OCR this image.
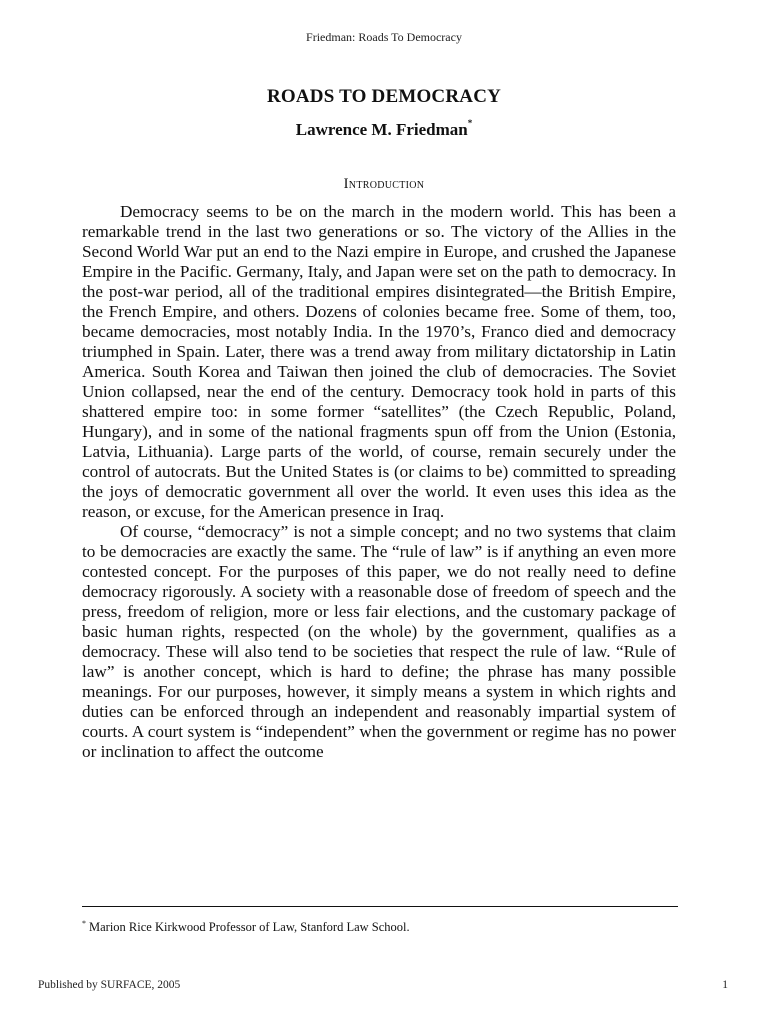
Friedman: Roads To Democracy
ROADS TO DEMOCRACY
Lawrence M. Friedman*
Introduction

Democracy seems to be on the march in the modern world. This has been a remarkable trend in the last two generations or so. The victory of the Allies in the Second World War put an end to the Nazi empire in Europe, and crushed the Japanese Empire in the Pacific. Germany, Italy, and Japan were set on the path to democracy. In the post-war period, all of the traditional empires disintegrated—the British Empire, the French Empire, and others. Dozens of colonies became free. Some of them, too, became democracies, most notably India. In the 1970’s, Franco died and democracy triumphed in Spain. Later, there was a trend away from military dictatorship in Latin America. South Korea and Taiwan then joined the club of democracies. The Soviet Union collapsed, near the end of the century. Democracy took hold in parts of this shattered empire too: in some former “satellites” (the Czech Republic, Poland, Hungary), and in some of the national fragments spun off from the Union (Estonia, Latvia, Lithuania). Large parts of the world, of course, remain securely under the control of autocrats. But the United States is (or claims to be) committed to spreading the joys of democratic government all over the world. It even uses this idea as the reason, or excuse, for the American presence in Iraq.

Of course, “democracy” is not a simple concept; and no two systems that claim to be democracies are exactly the same. The “rule of law” is if anything an even more contested concept. For the purposes of this paper, we do not really need to define democracy rigorously. A society with a reasonable dose of freedom of speech and the press, freedom of religion, more or less fair elections, and the customary package of basic human rights, respected (on the whole) by the government, qualifies as a democracy. These will also tend to be societies that respect the rule of law. “Rule of law” is another concept, which is hard to define; the phrase has many possible meanings. For our purposes, however, it simply means a system in which rights and duties can be enforced through an independent and reasonably impartial system of courts. A court system is “independent” when the government or regime has no power or inclination to affect the outcome

* Marion Rice Kirkwood Professor of Law, Stanford Law School.
Published by SURFACE, 2005	1
